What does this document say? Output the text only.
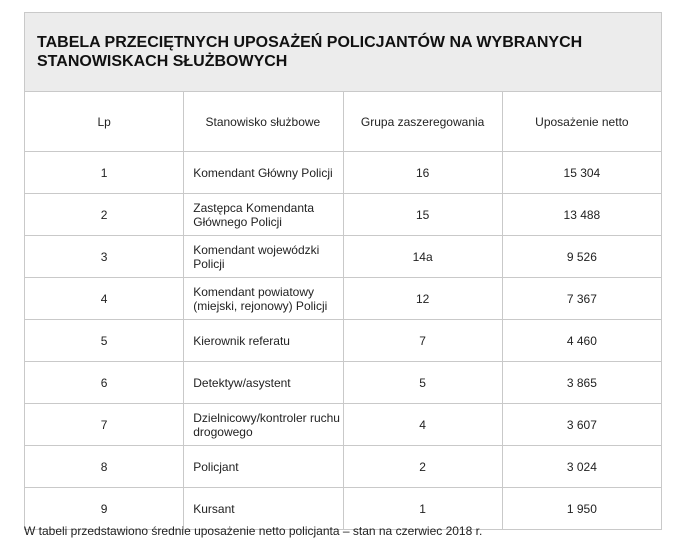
TABELA PRZECIĘTNYCH UPOSAŻEŃ POLICJANTÓW NA WYBRANYCH STANOWISKACH SŁUŻBOWYCH			
Lp	Stanowisko służbowe	Grupa zaszeregowania	Uposażenie netto
1	Komendant Główny Policji	16	15 304
2	Zastępca Komendanta Głównego Policji	15	13 488
3	Komendant wojewódzki Policji	14a	9 526
4	Komendant powiatowy (miejski, rejonowy) Policji	12	7 367
5	Kierownik referatu	7	4 460
6	Detektyw/asystent	5	3 865
7	Dzielnicowy/kontroler ruchu drogowego	4	3 607
8	Policjant	2	3 024
9	Kursant	1	1 950
W tabeli przedstawiono średnie uposażenie netto policjanta – stan na czerwiec 2018 r.
